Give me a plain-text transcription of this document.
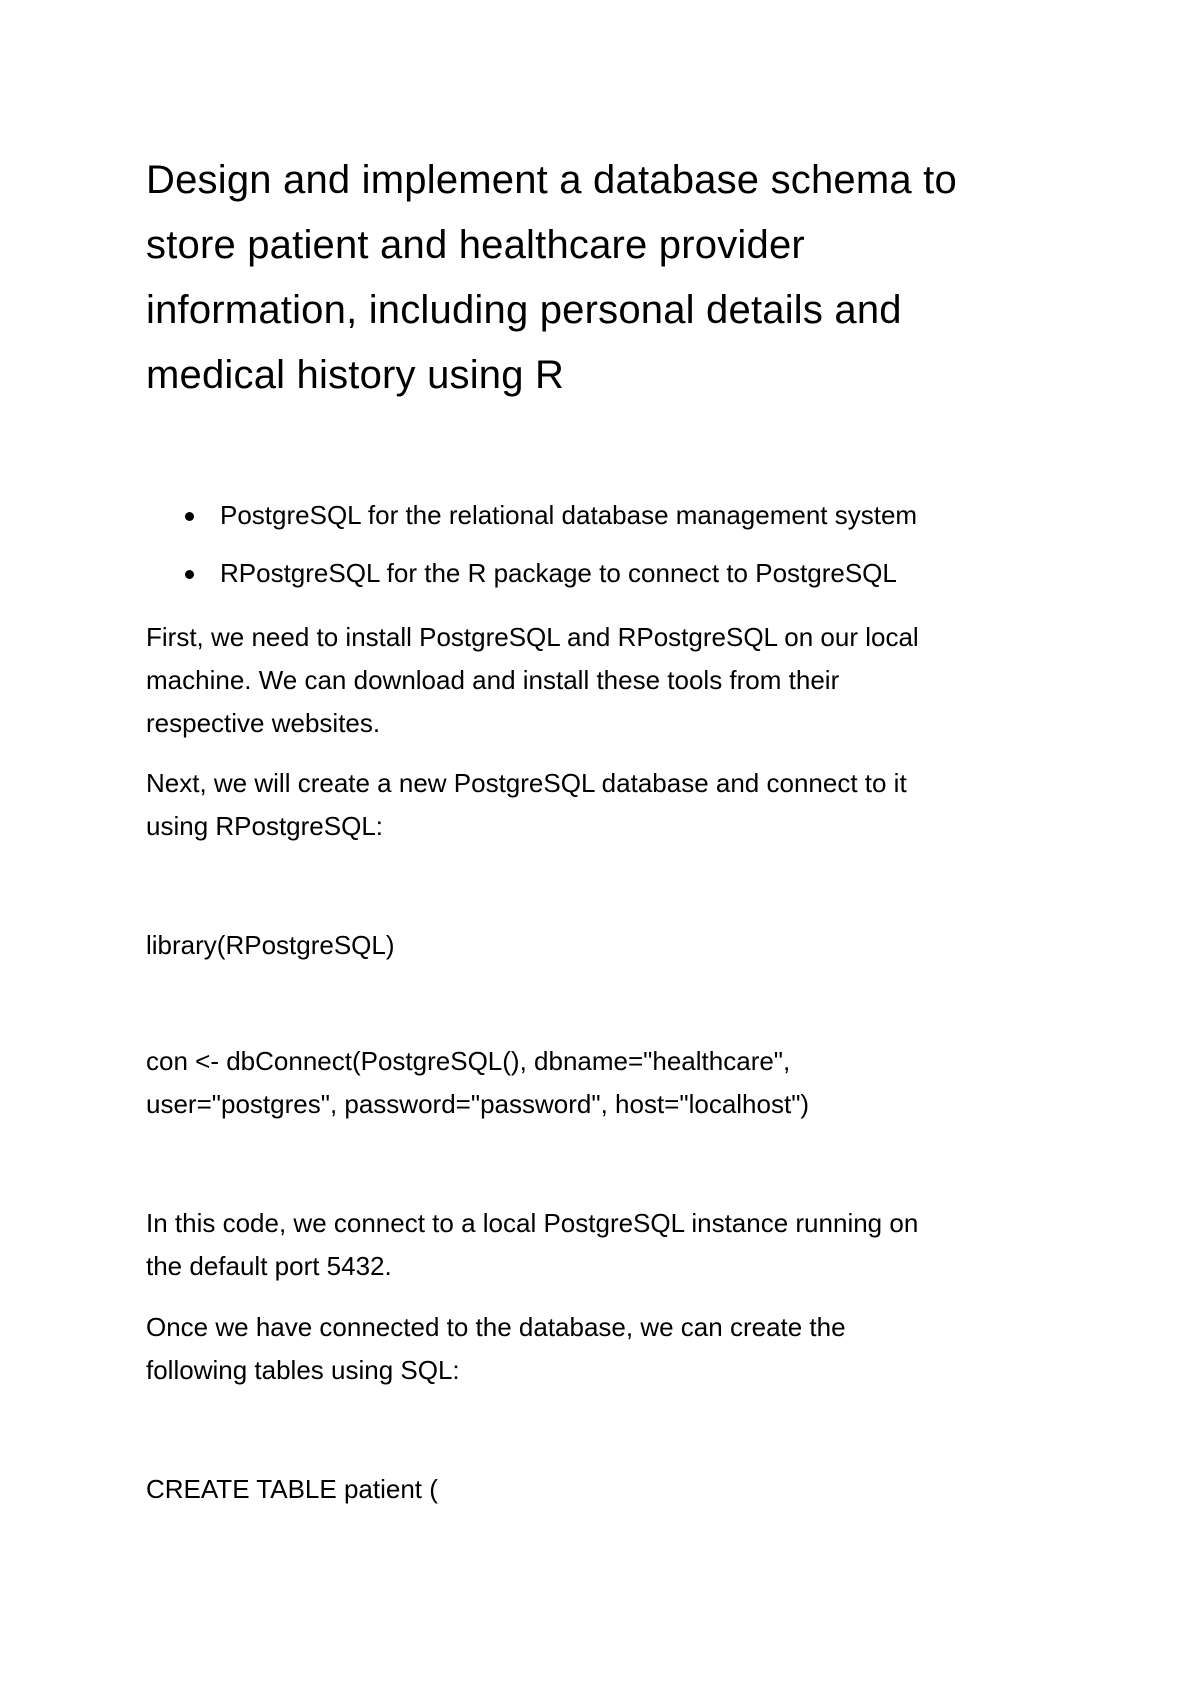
Design and implement a database schema to
store patient and healthcare provider
information, including personal details and
medical history using R
PostgreSQL for the relational database management system
RPostgreSQL for the R package to connect to PostgreSQL

First, we need to install PostgreSQL and RPostgreSQL on our local
machine. We can download and install these tools from their
respective websites.

Next, we will create a new PostgreSQL database and connect to it
using RPostgreSQL:

library(RPostgreSQL)

con <- dbConnect(PostgreSQL(), dbname="healthcare",
user="postgres", password="password", host="localhost")

In this code, we connect to a local PostgreSQL instance running on
the default port 5432.

Once we have connected to the database, we can create the
following tables using SQL:

CREATE TABLE patient (
